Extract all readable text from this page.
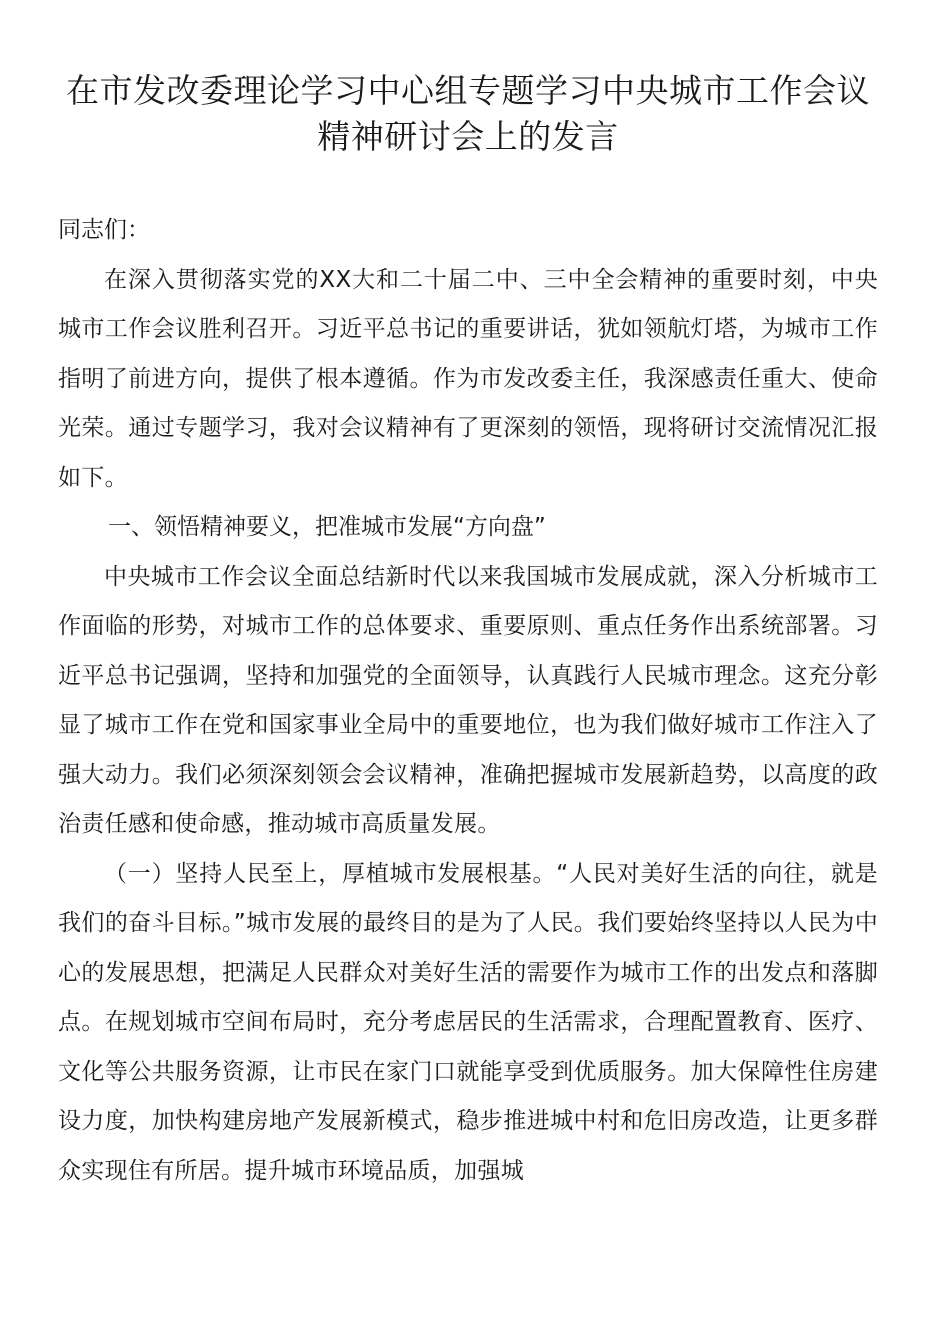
在市发改委理论学习中心组专题学习中央城市工作会议精神研讨会上的发言

同志们：

在深入贯彻落实党的XX大和二十届二中、三中全会精神的重要时刻，中央城市工作会议胜利召开。习近平总书记的重要讲话，犹如领航灯塔，为城市工作指明了前进方向，提供了根本遵循。作为市发改委主任，我深感责任重大、使命光荣。通过专题学习，我对会议精神有了更深刻的领悟，现将研讨交流情况汇报如下。

一、领悟精神要义，把准城市发展“方向盘”

中央城市工作会议全面总结新时代以来我国城市发展成就，深入分析城市工作面临的形势，对城市工作的总体要求、重要原则、重点任务作出系统部署。习近平总书记强调，坚持和加强党的全面领导，认真践行人民城市理念。这充分彰显了城市工作在党和国家事业全局中的重要地位，也为我们做好城市工作注入了强大动力。我们必须深刻领会会议精神，准确把握城市发展新趋势，以高度的政治责任感和使命感，推动城市高质量发展。

（一）坚持人民至上，厚植城市发展根基。“人民对美好生活的向往，就是我们的奋斗目标。”城市发展的最终目的是为了人民。我们要始终坚持以人民为中心的发展思想，把满足人民群众对美好生活的需要作为城市工作的出发点和落脚点。在规划城市空间布局时，充分考虑居民的生活需求，合理配置教育、医疗、文化等公共服务资源，让市民在家门口就能享受到优质服务。加大保障性住房建设力度，加快构建房地产发展新模式，稳步推进城中村和危旧房改造，让更多群众实现住有所居。提升城市环境品质，加强城
